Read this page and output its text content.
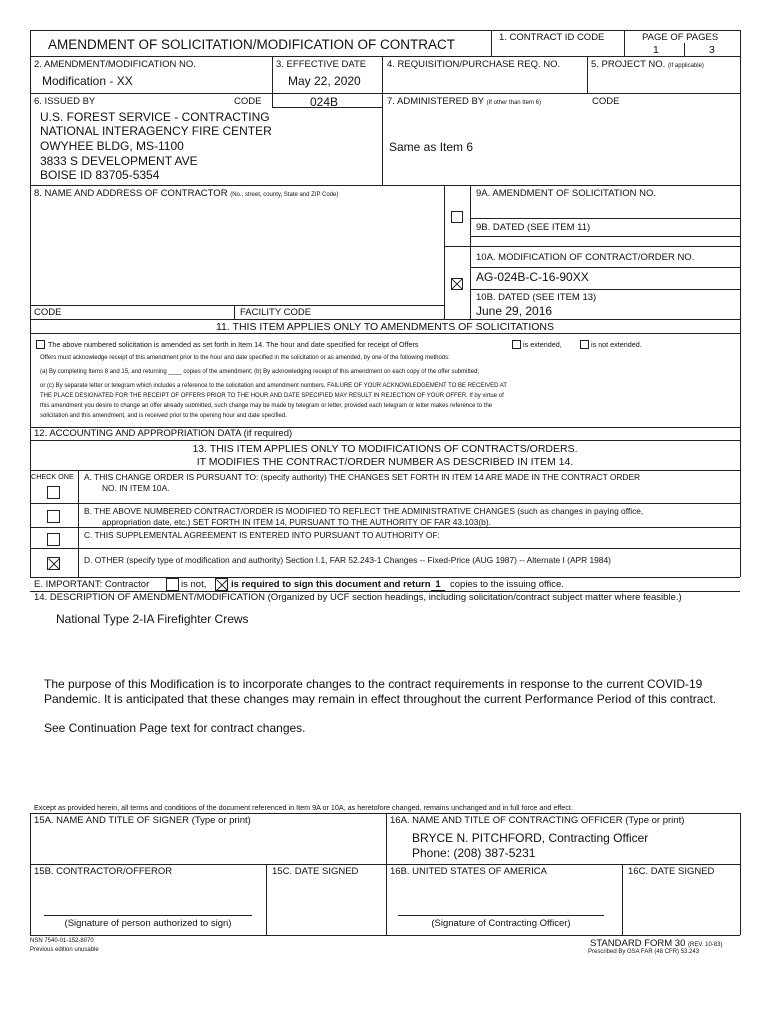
AMENDMENT OF SOLICITATION/MODIFICATION OF CONTRACT	1. CONTRACT ID CODE	PAGE OF PAGES
1	3
2. AMENDMENT/MODIFICATION NO.
Modification - XX
3. EFFECTIVE DATE
May 22, 2020
4. REQUISITION/PURCHASE REQ. NO.	5. PROJECT NO. (If applicable)
6. ISSUED BY	CODE	024B
U.S. FOREST SERVICE - CONTRACTING
NATIONAL INTERAGENCY FIRE CENTER
OWYHEE BLDG, MS-1100
3833 S DEVELOPMENT AVE
BOISE ID 83705-5354
7. ADMINISTERED BY (If other than Item 6)	CODE
Same as Item 6
8. NAME AND ADDRESS OF CONTRACTOR (No., street, county, State and ZIP Code)	9A. AMENDMENT OF SOLICITATION NO.
9B. DATED (SEE ITEM 11)
10A. MODIFICATION OF CONTRACT/ORDER NO.
AG-024B-C-16-90XX
10B. DATED (SEE ITEM 13)
June 29, 2016
CODE	FACILITY CODE
11. THIS ITEM APPLIES ONLY TO AMENDMENTS OF SOLICITATIONS
The above numbered solicitation is amended as set forth in Item 14. The hour and date specified for receipt of Offers	is extended,	is not extended.
Offers must acknowledge receipt of this amendment prior to the hour and date specified in the solicitation or as amended, by one of the following methods:
(a) By completing Items 8 and 15, and returning ____ copies of the amendment; (b) By acknowledging receipt of this amendment on each copy of the offer submitted;
or (c) By separate letter or telegram which includes a reference to the solicitation and amendment numbers. FAILURE OF YOUR ACKNOWLEDGEMENT TO BE RECEIVED AT
THE PLACE DESIGNATED FOR THE RECEIPT OF OFFERS PRIOR TO THE HOUR AND DATE SPECIFIED MAY RESULT IN REJECTION OF YOUR OFFER. If by virtue of
this amendment you desire to change an offer already submitted, such change may be made by telegram or letter, provided each telegram or letter makes reference to the
solicitation and this amendment, and is received prior to the opening hour and date specified.
12. ACCOUNTING AND APPROPRIATION DATA (if required)
13. THIS ITEM APPLIES ONLY TO MODIFICATIONS OF CONTRACTS/ORDERS.
IT MODIFIES THE CONTRACT/ORDER NUMBER AS DESCRIBED IN ITEM 14.
CHECK ONE A. THIS CHANGE ORDER IS PURSUANT TO: (specify authority) THE CHANGES SET FORTH IN ITEM 14 ARE MADE IN THE CONTRACT ORDER
NO. IN ITEM 10A.
B. THE ABOVE NUMBERED CONTRACT/ORDER IS MODIFIED TO REFLECT THE ADMINISTRATIVE CHANGES (such as changes in paying office,
appropriation date, etc.) SET FORTH IN ITEM 14, PURSUANT TO THE AUTHORITY OF FAR 43.103(b).
C. THIS SUPPLEMENTAL AGREEMENT IS ENTERED INTO PURSUANT TO AUTHORITY OF:
D. OTHER (specify type of modification and authority) Section I.1, FAR 52.243-1 Changes -- Fixed-Price (AUG 1987) -- Alternate I (APR 1984)
E. IMPORTANT: Contractor	is not,	is required to sign this document and return 1 copies to the issuing office.
14. DESCRIPTION OF AMENDMENT/MODIFICATION (Organized by UCF section headings, including solicitation/contract subject matter where feasible.)
National Type 2-IA Firefighter Crews
The purpose of this Modification is to incorporate changes to the contract requirements in response to the current COVID-19
Pandemic. It is anticipated that these changes may remain in effect throughout the current Performance Period of this contract.
See Continuation Page text for contract changes.
Except as provided herein, all terms and conditions of the document referenced in Item 9A or 10A, as heretofore changed, remains unchanged and in full force and effect.
15A. NAME AND TITLE OF SIGNER (Type or print)	16A. NAME AND TITLE OF CONTRACTING OFFICER (Type or print)
BRYCE N. PITCHFORD, Contracting Officer
Phone: (208) 387-5231
15B. CONTRACTOR/OFFEROR	15C. DATE SIGNED	16B. UNITED STATES OF AMERICA	16C. DATE SIGNED
(Signature of person authorized to sign)	(Signature of Contracting Officer)
NSN 7540-01-152-8070
Previous edition unusable
STANDARD FORM 30 (REV. 10-83)
Prescribed By GSA FAR (48 CFR) 53.243
